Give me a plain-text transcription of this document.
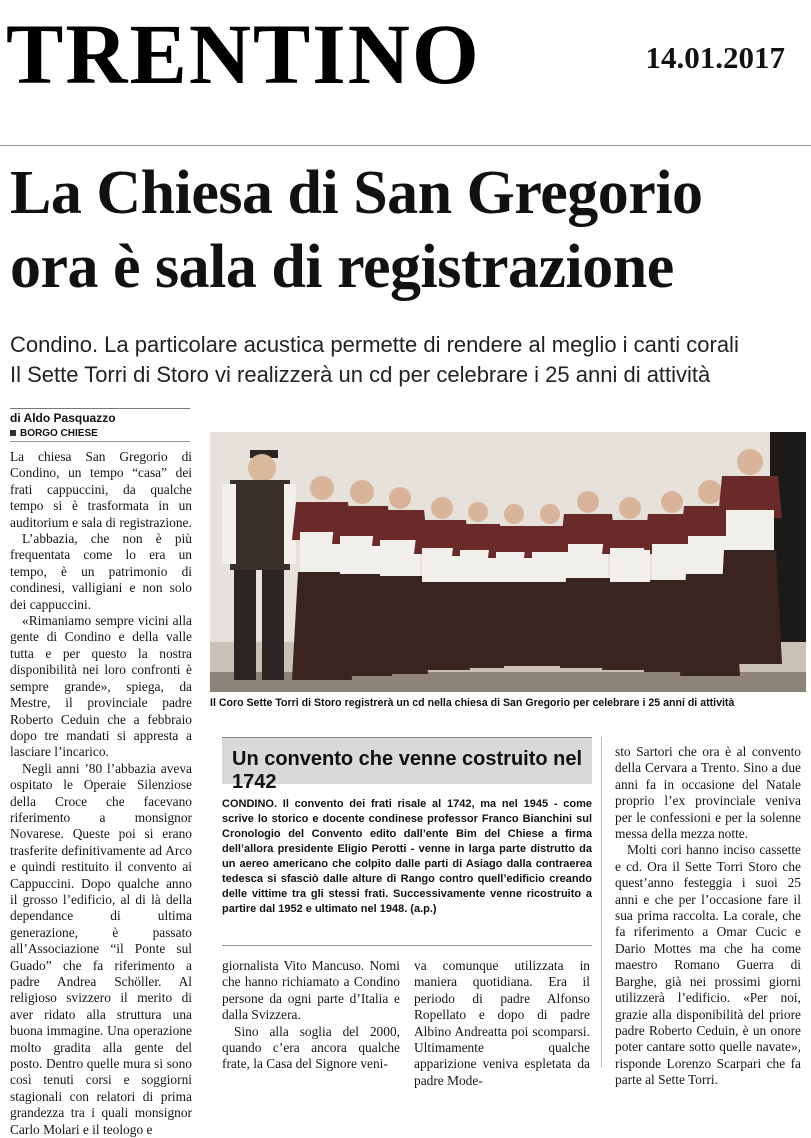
TRENTINO	14.01.2017
La Chiesa di San Gregorio
ora è sala di registrazione
Condino. La particolare acustica permette di rendere al meglio i canti corali
Il Sette Torri di Storo vi realizzerà un cd per celebrare i 25 anni di attività
di Aldo Pasquazzo
BORGO CHIESE

La chiesa San Gregorio di Condino, un tempo “casa” dei frati cappuccini, da qualche tempo si è trasformata in un auditorium e sala di registrazione.

L’abbazia, che non è più frequentata come lo era un tempo, è un patrimonio di condinesi, valligiani e non solo dei cappuccini.

«Rimaniamo sempre vicini alla gente di Condino e della valle tutta e per questo la nostra disponibilità nei loro confronti è sempre grande», spiega, da Mestre, il provinciale padre Roberto Ceduin che a febbraio dopo tre mandati si appresta a lasciare l’incarico.

Negli anni ’80 l’abbazia aveva ospitato le Operaie Silenziose della Croce che facevano riferimento a monsignor Novarese. Queste poi si erano trasferite definitivamente ad Arco e quindi restituito il convento ai Cappuccini. Dopo qualche anno il grosso l’edificio, al di là della dependance di ultima generazione, è passato all’Associazione “il Ponte sul Guado” che fa riferimento a padre Andrea Schöller. Al religioso svizzero il merito di aver ridato alla struttura una buona immagine. Una operazione molto gradita alla gente del posto. Dentro quelle mura si sono così tenuti corsi e soggiorni stagionali con relatori di prima grandezza tra i quali monsignor Carlo Molari e il teologo e

Il Coro Sette Torri di Storo registrerà un cd nella chiesa di San Gregorio per celebrare i 25 anni di attività
Un convento che venne costruito nel 1742
CONDINO. Il convento dei frati risale al 1742, ma nel 1945 - come scrive lo storico e docente condinese professor Franco Bianchini sul Cronologio del Convento edito dall’ente Bim del Chiese a firma dell’allora presidente Eligio Perotti - venne in larga parte distrutto da un aereo americano che colpito dalle parti di Asiago dalla contraerea tedesca si sfasciò dalle alture di Rango contro quell’edificio creando delle vittime tra gli stessi frati. Successivamente venne ricostruito a partire dal 1952 e ultimato nel 1948. (a.p.)

giornalista Vito Mancuso. Nomi che hanno richiamato a Condino persone da ogni parte d’Italia e dalla Svizzera.

Sino alla soglia del 2000, quando c’era ancora qualche frate, la Casa del Signore veni-

va comunque utilizzata in maniera quotidiana. Era il periodo di padre Alfonso Ropellato e dopo di padre Albino Andreatta poi scomparsi. Ultimamente qualche apparizione veniva espletata da padre Mode-

sto Sartori che ora è al convento della Cervara a Trento. Sino a due anni fa in occasione del Natale proprio l’ex provinciale veniva per le confessioni e per la solenne messa della mezza notte.

Molti cori hanno inciso cassette e cd. Ora il Sette Torri Storo che quest’anno festeggia i suoi 25 anni e che per l’occasione fare il sua prima raccolta. La corale, che fa riferimento a Omar Cucic e Dario Mottes ma che ha come maestro Romano Guerra di Barghe, già nei prossimi giorni utilizzerà l’edificio. «Per noi, grazie alla disponibilità del priore padre Roberto Ceduin, è un onore poter cantare sotto quelle navate», risponde Lorenzo Scarpari che fa parte al Sette Torri.
